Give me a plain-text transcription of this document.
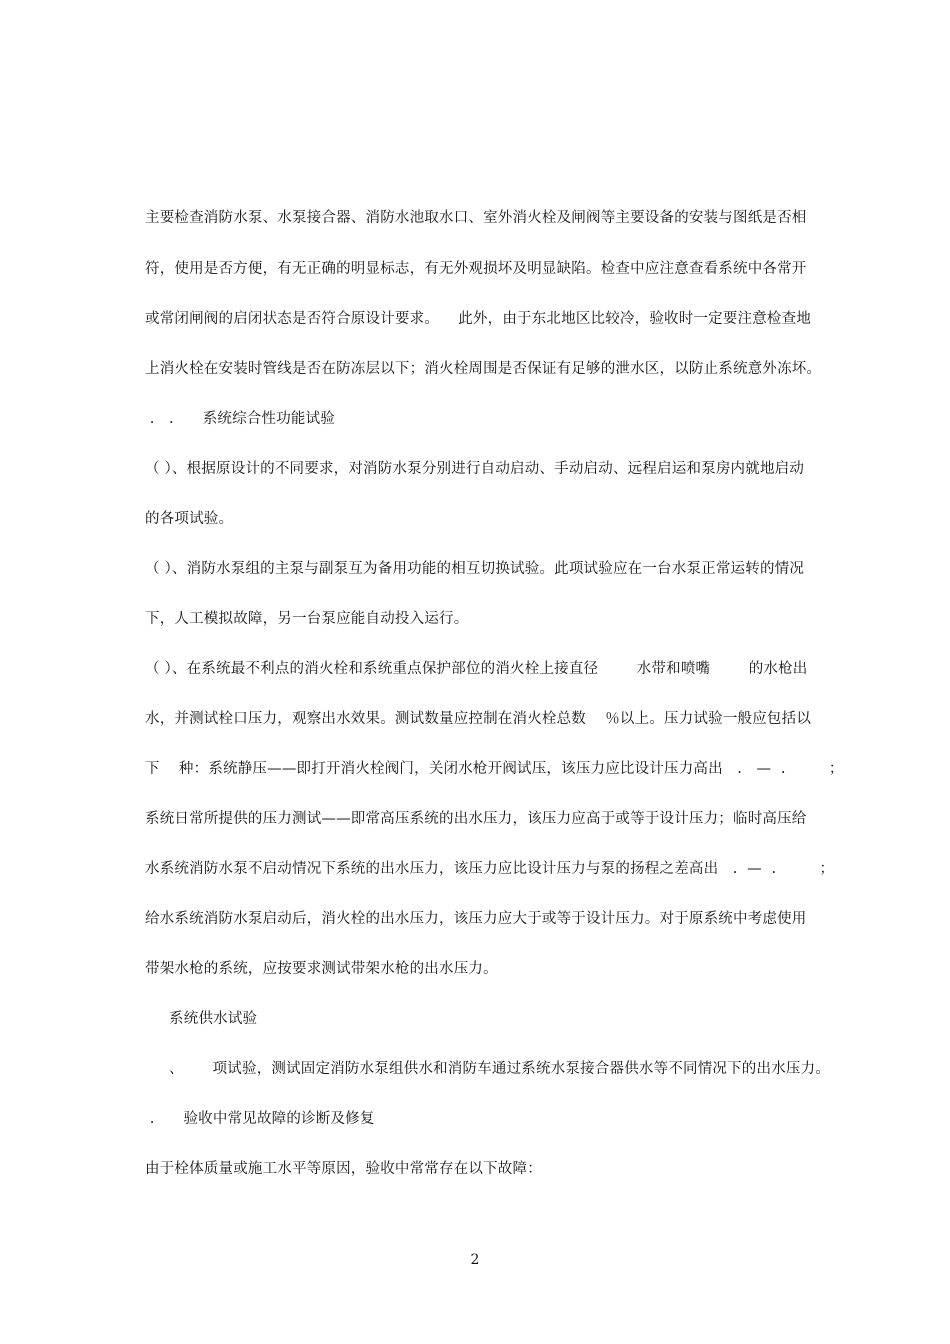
主要检查消防水泵、水泵接合器、消防水池取水口、室外消火栓及闸阀等主要设备的安装与图纸是否相
符，使用是否方便，有无正确的明显标志，有无外观损坏及明显缺陷。检查中应注意查看系统中各常开
或常闭闸阀的启闭状态是否符合原设计要求。    此外，由于东北地区比较冷，验收时一定要注意检查地
上消火栓在安装时管线是否在防冻层以下；消火栓周围是否保证有足够的泄水区，以防止系统意外冻坏。
.   .      系统综合性功能试验
（ ）、根据原设计的不同要求，对消防水泵分别进行自动启动、手动启动、远程启运和泵房内就地启动
的各项试验。
（ ）、消防水泵组的主泵与副泵互为备用功能的相互切换试验。此项试验应在一台水泵正常运转的情况
下，人工模拟故障，另一台泵应能自动投入运行。
（ ）、在系统最不利点的消火栓和系统重点保护部位的消火栓上接直径        水带和喷嘴        的水枪出
水，并测试栓口压力，观察出水效果。测试数量应控制在消火栓总数    ％以上。压力试验一般应包括以
下    种：系统静压——即打开消火栓阀门，关闭水枪开阀试压，该压力应比设计压力高出   .   —  .         ；
系统日常所提供的压力测试——即常高压系统的出水压力，该压力应高于或等于设计压力；临时高压给
水系统消防水泵不启动情况下系统的出水压力，该压力应比设计压力与泵的扬程之差高出   .  —  .         ；
给水系统消防水泵启动后，消火栓的出水压力，该压力应大于或等于设计压力。对于原系统中考虑使用
带架水枪的系统，应按要求测试带架水枪的出水压力。
系统供水试验
、      项试验，测试固定消防水泵组供水和消防车通过系统水泵接合器供水等不同情况下的出水压力。
.      验收中常见故障的诊断及修复
由于栓体质量或施工水平等原因，验收中常常存在以下故障：
2
